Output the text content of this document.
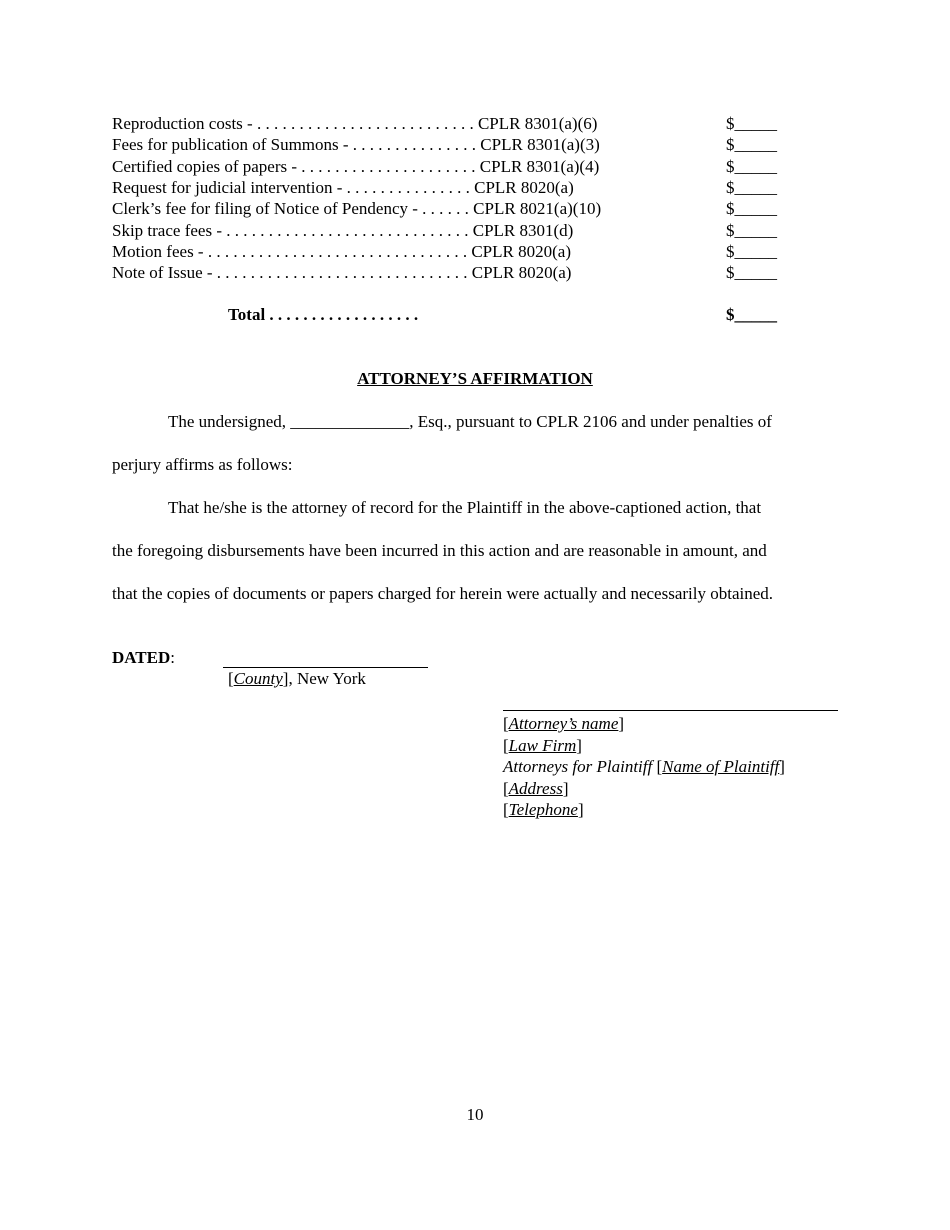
Reproduction costs - . . . . . . . . . . . . . . . . . . . . . . . . . . CPLR 8301(a)(6)	$_____
Fees for publication of Summons - . . . . . . . . . . . . . . . CPLR 8301(a)(3)	$_____
Certified copies of papers - . . . . . . . . . . . . . . . . . . . . . CPLR 8301(a)(4)	$_____
Request for judicial intervention - . . . . . . . . . . . . . . . CPLR 8020(a)	$_____
Clerk’s fee for filing of Notice of Pendency - . . . . . . CPLR 8021(a)(10)	$_____
Skip trace fees - . . . . . . . . . . . . . . . . . . . . . . . . . . . . . CPLR 8301(d)	$_____
Motion fees - . . . . . . . . . . . . . . . . . . . . . . . . . . . . . . . CPLR 8020(a)	$_____
Note of Issue - . . . . . . . . . . . . . . . . . . . . . . . . . . . . . . CPLR 8020(a)	$_____
Total . . . . . . . . . . . . . . . . . .	$_____
ATTORNEY’S AFFIRMATION
The undersigned, ______________, Esq., pursuant to CPLR 2106 and under penalties of
perjury affirms as follows:
That he/she is the attorney of record for the Plaintiff in the above-captioned action, that
the foregoing disbursements have been incurred in this action and are reasonable in amount, and
that the copies of documents or papers charged for herein were actually and necessarily obtained.
DATED:
[County], New York
[Attorney’s name]
[Law Firm]
Attorneys for Plaintiff [Name of Plaintiff]
[Address]
[Telephone]
10
